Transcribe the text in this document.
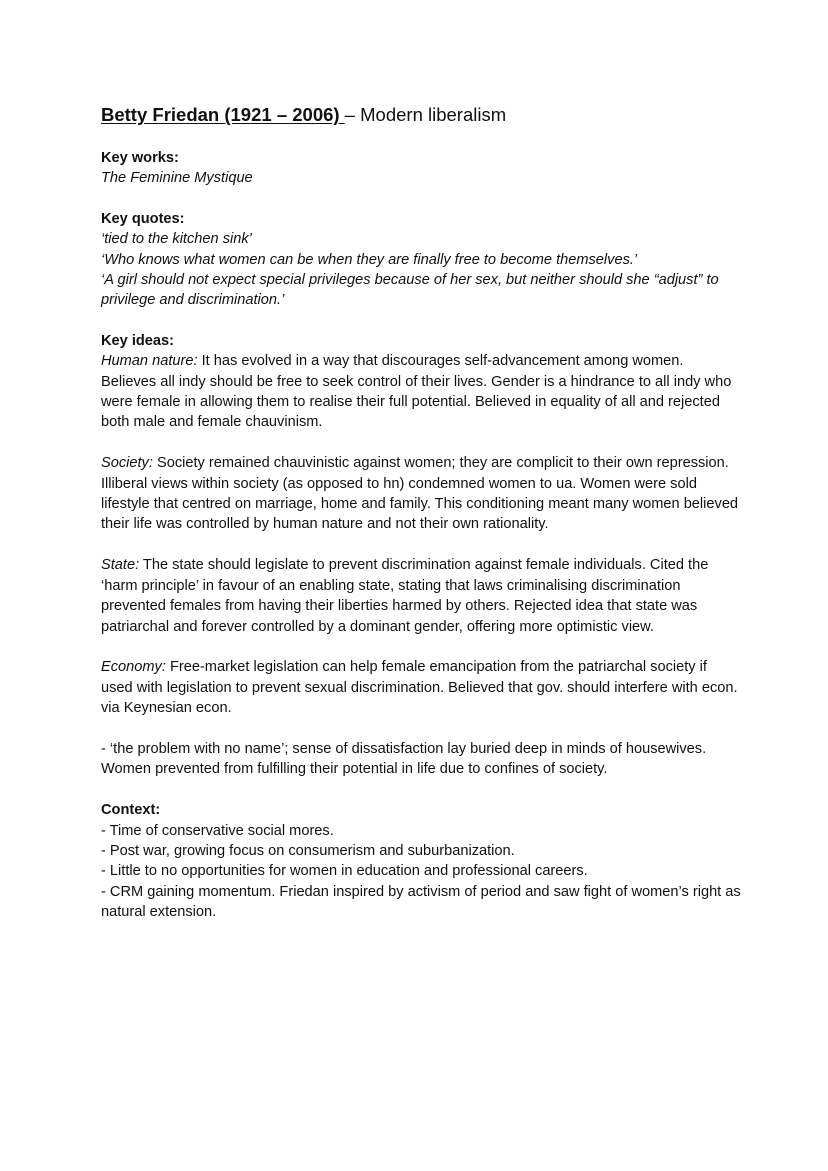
Betty Friedan (1921 – 2006) – Modern liberalism

Key works:

The Feminine Mystique

Key quotes:

‘tied to the kitchen sink’

‘Who knows what women can be when they are finally free to become themselves.’

‘A girl should not expect special privileges because of her sex, but neither should she “adjust” to privilege and discrimination.’

Key ideas:

Human nature: It has evolved in a way that discourages self-advancement among women. Believes all indy should be free to seek control of their lives. Gender is a hindrance to all indy who were female in allowing them to realise their full potential. Believed in equality of all and rejected both male and female chauvinism.

Society: Society remained chauvinistic against women; they are complicit to their own repression. Illiberal views within society (as opposed to hn) condemned women to ua. Women were sold lifestyle that centred on marriage, home and family. This conditioning meant many women believed their life was controlled by human nature and not their own rationality.

State: The state should legislate to prevent discrimination against female individuals. Cited the ‘harm principle’ in favour of an enabling state, stating that laws criminalising discrimination prevented females from having their liberties harmed by others. Rejected idea that state was patriarchal and forever controlled by a dominant gender, offering more optimistic view.

Economy: Free-market legislation can help female emancipation from the patriarchal society if used with legislation to prevent sexual discrimination. Believed that gov. should interfere with econ. via Keynesian econ.

- ‘the problem with no name’; sense of dissatisfaction lay buried deep in minds of housewives. Women prevented from fulfilling their potential in life due to confines of society.

Context:

- Time of conservative social mores.

- Post war, growing focus on consumerism and suburbanization.

- Little to no opportunities for women in education and professional careers.

- CRM gaining momentum. Friedan inspired by activism of period and saw fight of women’s right as natural extension.
